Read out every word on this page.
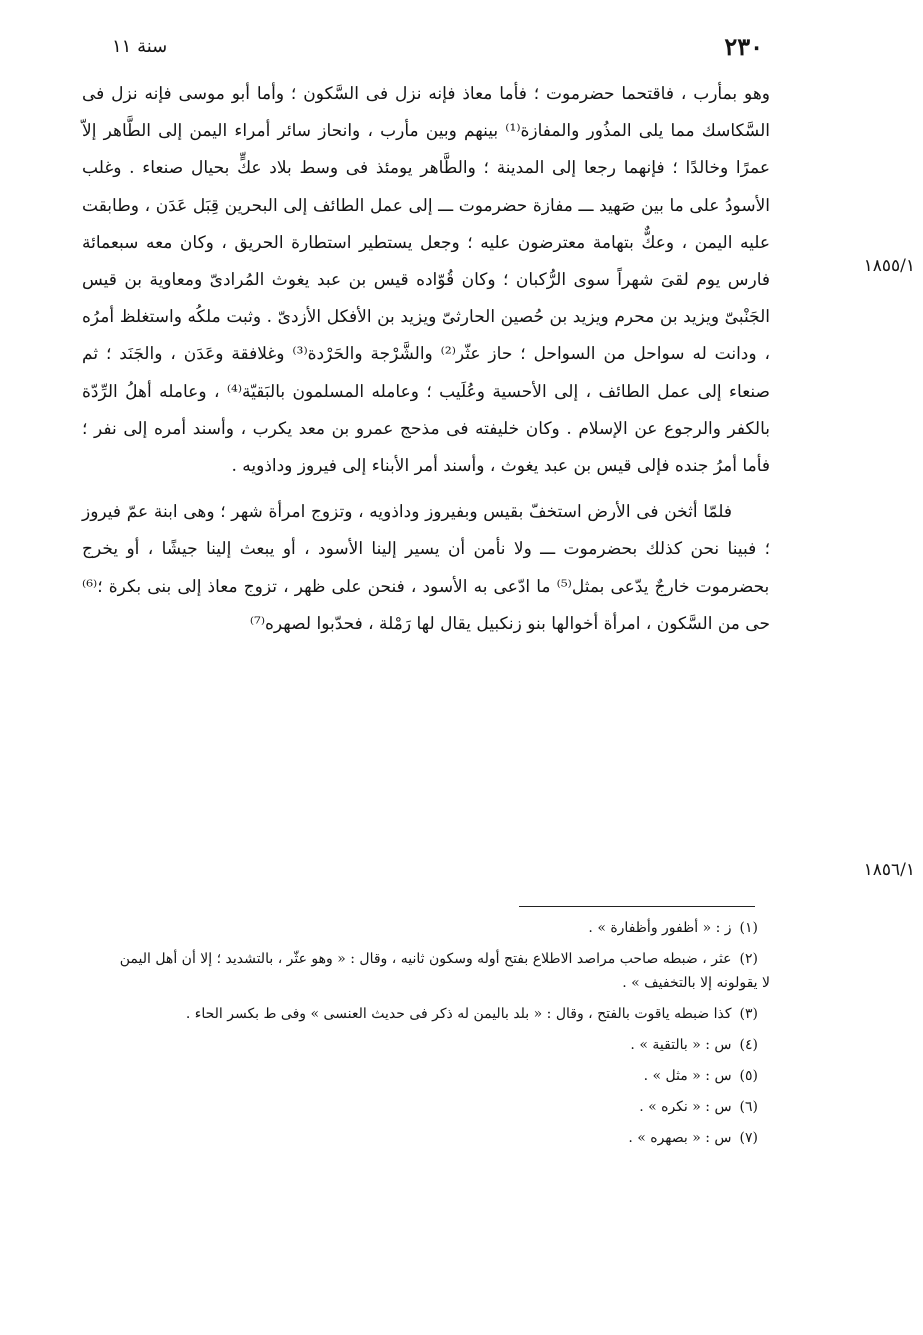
٢٣٠
سنة ١١

وهو بمأرب ، فاقتحما حضرموت ؛ فأما معاذ فإنه نزل فى السَّكون ؛ وأما أبو موسى فإنه نزل فى السَّكاسك مما يلى المذُور والمفازة⁽¹⁾ بينهم وبين مأرب ، وانحاز سائر أمراء اليمن إلى الطَّاهر إلاّ عمرًا وخالدًا ؛ فإنهما رجعا إلى المدينة ؛ والطَّاهر يومئذ فى وسط بلاد عكٍّ بحيال صنعاء . وغلب الأسودُ على ما بين صَهيد ـــ مفازة حضرموت ـــ إلى عمل الطائف إلى البحرين قِبَل عَدَن ، وطابقت عليه اليمن ، وعكٌّ بتهامة معترضون عليه ؛ وجعل يستطير استطارة الحريق ، وكان معه سبعمائة فارس يوم لقىَ شهراً سوى الرُّكبان ؛ وكان قُوّاده قيس بن عبد يغوث المُرادىّ ومعاوية بن قيس الجَنْبىّ ويزيد بن محرم ويزيد بن حُصين الحارثىّ ويزيد بن الأفكل الأزدىّ . وثبت ملكُه واستغلظ أمرُه ، ودانت له سواحل من السواحل ؛ حاز عثّر⁽²⁾ والشَّرْجة والحَرْدة⁽³⁾ وغلافقة وعَدَن ، والجَنَد ؛ ثم صنعاء إلى عمل الطائف ، إلى الأحسية وعُلَيب ؛ وعامله المسلمون بالبَقيّة⁽⁴⁾ ، وعامله أهلُ الرِّدّة بالكفر والرجوع عن الإسلام . وكان خليفته فى مذحج عمرو بن معد يكرب ، وأسند أمره إلى نفر ؛ فأما أمرُ جنده فإلى قيس بن عبد يغوث ، وأسند أمر الأبناء إلى فيروز وداذويه .

فلمّا أثخن فى الأرض استخفّ بقيس وبفيروز وداذويه ، وتزوج امرأة شهر ؛ وهى ابنة عمّ فيروز ؛ فبينا نحن كذلك بحضرموت ـــ ولا نأمن أن يسير إلينا الأسود ، أو يبعث إلينا جيشًا ، أو يخرج بحضرموت خارجٌ يدّعى بمثل⁽⁵⁾ ما ادّعى به الأسود ، فنحن على ظهر ، تزوج معاذ إلى بنى بكرة ؛⁽⁶⁾ حى من السَّكون ، امرأة أخوالها بنو زنكبيل يقال لها رَمْلة ، فحدّبوا لصهره⁽⁷⁾

١٨٥٥/١
١٨٥٦/١

(١)ز : « أظفور وأظفارة » .

(٢)عثر ، ضبطه صاحب مراصد الاطلاع بفتح أوله وسكون ثانيه ، وقال : « وهو عثّر ، بالتشديد ؛ إلا أن أهل اليمن لا يقولونه إلا بالتخفيف » .

(٣)كذا ضبطه ياقوت بالفتح ، وقال : « بلد باليمن له ذكر فى حديث العنسى » وفى ط بكسر الحاء .

(٤)س : « بالتقية » .

(٥)س : « مثل » .

(٦)س : « نكره » .

(٧)س : « بصهره » .
